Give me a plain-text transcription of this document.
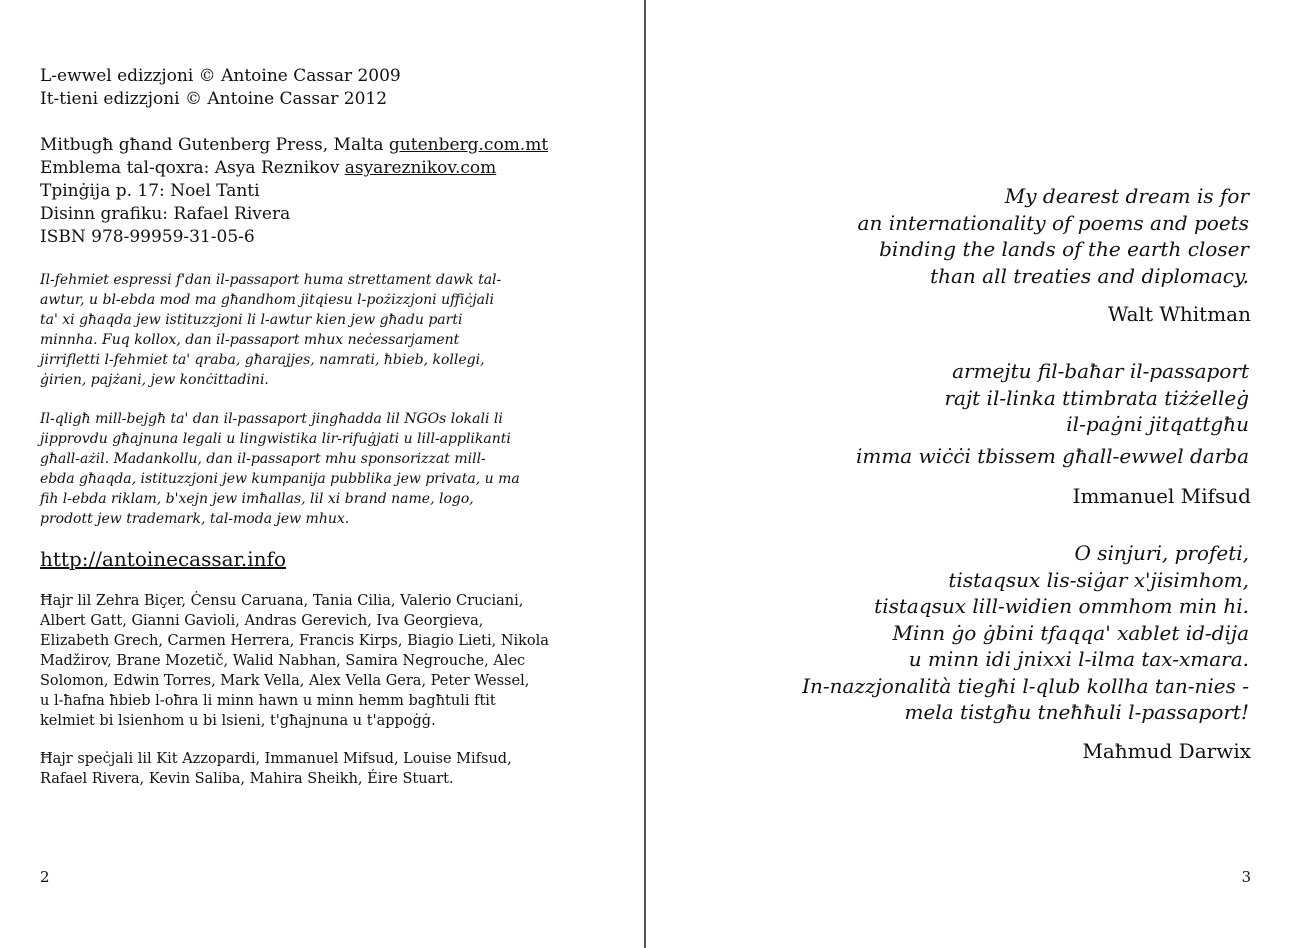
L-ewwel edizzjoni © Antoine Cassar 2009
It-tieni edizzjoni © Antoine Cassar 2012
Mitbugħ għand Gutenberg Press, Malta gutenberg.com.mt
Emblema tal-qoxra: Asya Reznikov asyareznikov.com
Tpinġija p. 17: Noel Tanti
Disinn grafiku: Rafael Rivera
ISBN 978-99959-31-05-6
Il-fehmiet espressi f'dan il-passaport huma strettament dawk tal-
awtur, u bl-ebda mod ma għandhom jitqiesu l-pożizzjoni uffiċjali
ta' xi għaqda jew istituzzjoni li l-awtur kien jew għadu parti
minnha. Fuq kollox, dan il-passaport mhux neċessarjament
jirrifletti l-fehmiet ta' qraba, għarajjes, namrati, ħbieb, kollegi,
ġirien, pajżani, jew konċittadini.
Il-qligħ mill-bejgħ ta' dan il-passaport jingħadda lil NGOs lokali li
jipprovdu għajnuna legali u lingwistika lir-rifuġjati u lill-applikanti
għall-ażil. Madankollu, dan il-passaport mhu sponsorizzat mill-
ebda għaqda, istituzzjoni jew kumpanija pubblika jew privata, u ma
fih l-ebda riklam, b'xejn jew imħallas, lil xi brand name, logo,
prodott jew trademark, tal-moda jew mhux.
http://antoinecassar.info
Ħajr lil Zehra Biçer, Ċensu Caruana, Tania Cilia, Valerio Cruciani,
Albert Gatt, Gianni Gavioli, Andras Gerevich, Iva Georgieva,
Elizabeth Grech, Carmen Herrera, Francis Kirps, Biagio Lieti, Nikola
Madžirov, Brane Mozetič, Walid Nabhan, Samira Negrouche, Alec
Solomon, Edwin Torres, Mark Vella, Alex Vella Gera, Peter Wessel,
u l-ħafna ħbieb l-oħra li minn hawn u minn hemm bagħtuli ftit
kelmiet bi lsienhom u bi lsieni, t'għajnuna u t'appoġġ.
Ħajr speċjali lil Kit Azzopardi, Immanuel Mifsud, Louise Mifsud,
Rafael Rivera, Kevin Saliba, Mahira Sheikh, Éire Stuart.
2
My dearest dream is for
an internationality of poems and poets
binding the lands of the earth closer
than all treaties and diplomacy.
Walt Whitman
armejtu fil-baħar il-passaport
rajt il-linka ttimbrata tiżżelleġ
il-paġni jitqattgħu
imma wiċċi tbissem għall-ewwel darba
Immanuel Mifsud
O sinjuri, profeti,
tistaqsux lis-siġar x'jisimhom,
tistaqsux lill-widien ommhom min hi.
Minn ġo ġbini tfaqqa' xablet id-dija
u minn idi jnixxi l-ilma tax-xmara.
In-nazzjonalità tiegħi l-qlub kollha tan-nies -
mela tistgħu tneħħuli l-passaport!
Maħmud Darwix
3
